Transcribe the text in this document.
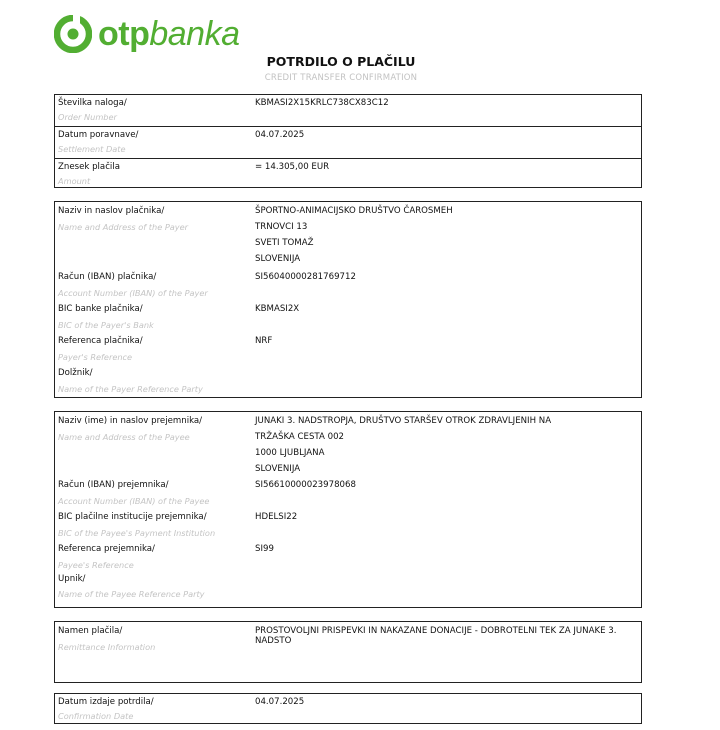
otpbanka
POTRDILO O PLAČILU
CREDIT TRANSFER CONFIRMATION
Številka naloga/
Order Number
KBMASI2X15KRLC738CX83C12
Datum poravnave/
Settlement Date
04.07.2025
Znesek plačila
Amount
= 14.305,00 EUR
Naziv in naslov plačnika/
Name and Address of the Payer
ŠPORTNO-ANIMACIJSKO DRUŠTVO ČAROSMEH
TRNOVCI 13
SVETI TOMAŽ
SLOVENIJA
Račun (IBAN) plačnika/
Account Number (IBAN) of the Payer
SI56040000281769712
BIC banke plačnika/
BIC of the Payer's Bank
KBMASI2X
Referenca plačnika/
Payer's Reference
NRF
Dolžnik/
Name of the Payer Reference Party
Naziv (ime) in naslov prejemnika/
Name and Address of the Payee
JUNAKI 3. NADSTROPJA, DRUŠTVO STARŠEV OTROK ZDRAVLJENIH NA
TRŽAŠKA CESTA 002
1000 LJUBLJANA
SLOVENIJA
Račun (IBAN) prejemnika/
Account Number (IBAN) of the Payee
SI56610000023978068
BIC plačilne institucije prejemnika/
BIC of the Payee's Payment Institution
HDELSI22
Referenca prejemnika/
Payee's Reference
SI99
Upnik/
Name of the Payee Reference Party
Namen plačila/
Remittance Information
PROSTOVOLJNI PRISPEVKI IN NAKAZANE DONACIJE - DOBROTELNI TEK ZA JUNAKE 3. NADSTO
Datum izdaje potrdila/
Confirmation Date
04.07.2025
